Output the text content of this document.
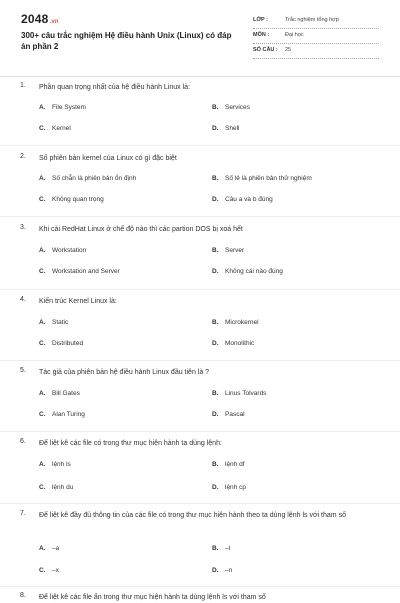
2048.vn
300+ câu trắc nghiệm Hệ điều hành Unix (Linux) có đáp án phần 2
LỚP :	Trắc nghiệm tổng hợp
MÔN :	Đại học
SỐ CÂU : 25
1. Phần quan trọng nhất của hệ điều hành Linux là:
A. File System	B. Services
C. Kernel	D. Shell
2. Số phiên bản kernel của Linux có gì đặc biệt
A. Số chẵn là phiên bản ổn định	B. Số lẻ là phiên bản thử nghiệm
C. Không quan trọng	D. Câu a và b đúng
3. Khi cài RedHat Linux ở chế độ nào thì các partion DOS bị xoá hết
A. Workstation	B. Server
C. Workstation and Server	D. Không cái nào đúng
4. Kiến trúc Kernel Linux là:
A. Static	B. Microkernel
C. Distributed	D. Monolithic
5. Tác giả của phiên bản hệ điều hành Linux đầu tiên là ?
A. Bill Gates	B. Linus Tolvards
C. Alan Turing	D. Pascal
6. Để liệt kê các file có trong thư mục hiện hành ta dùng lệnh:
A. lệnh ls	B. lệnh df
C. lệnh du	D. lệnh cp
7. Để liệt kê đầy đủ thông tin của các file có trong thư mục hiện hành theo ta dùng lệnh ls với tham số
A. –a	B. –l
C. –x	D. –n
8. Để liệt kê các file ẩn trong thư mục hiện hành ta dùng lệnh ls với tham số
